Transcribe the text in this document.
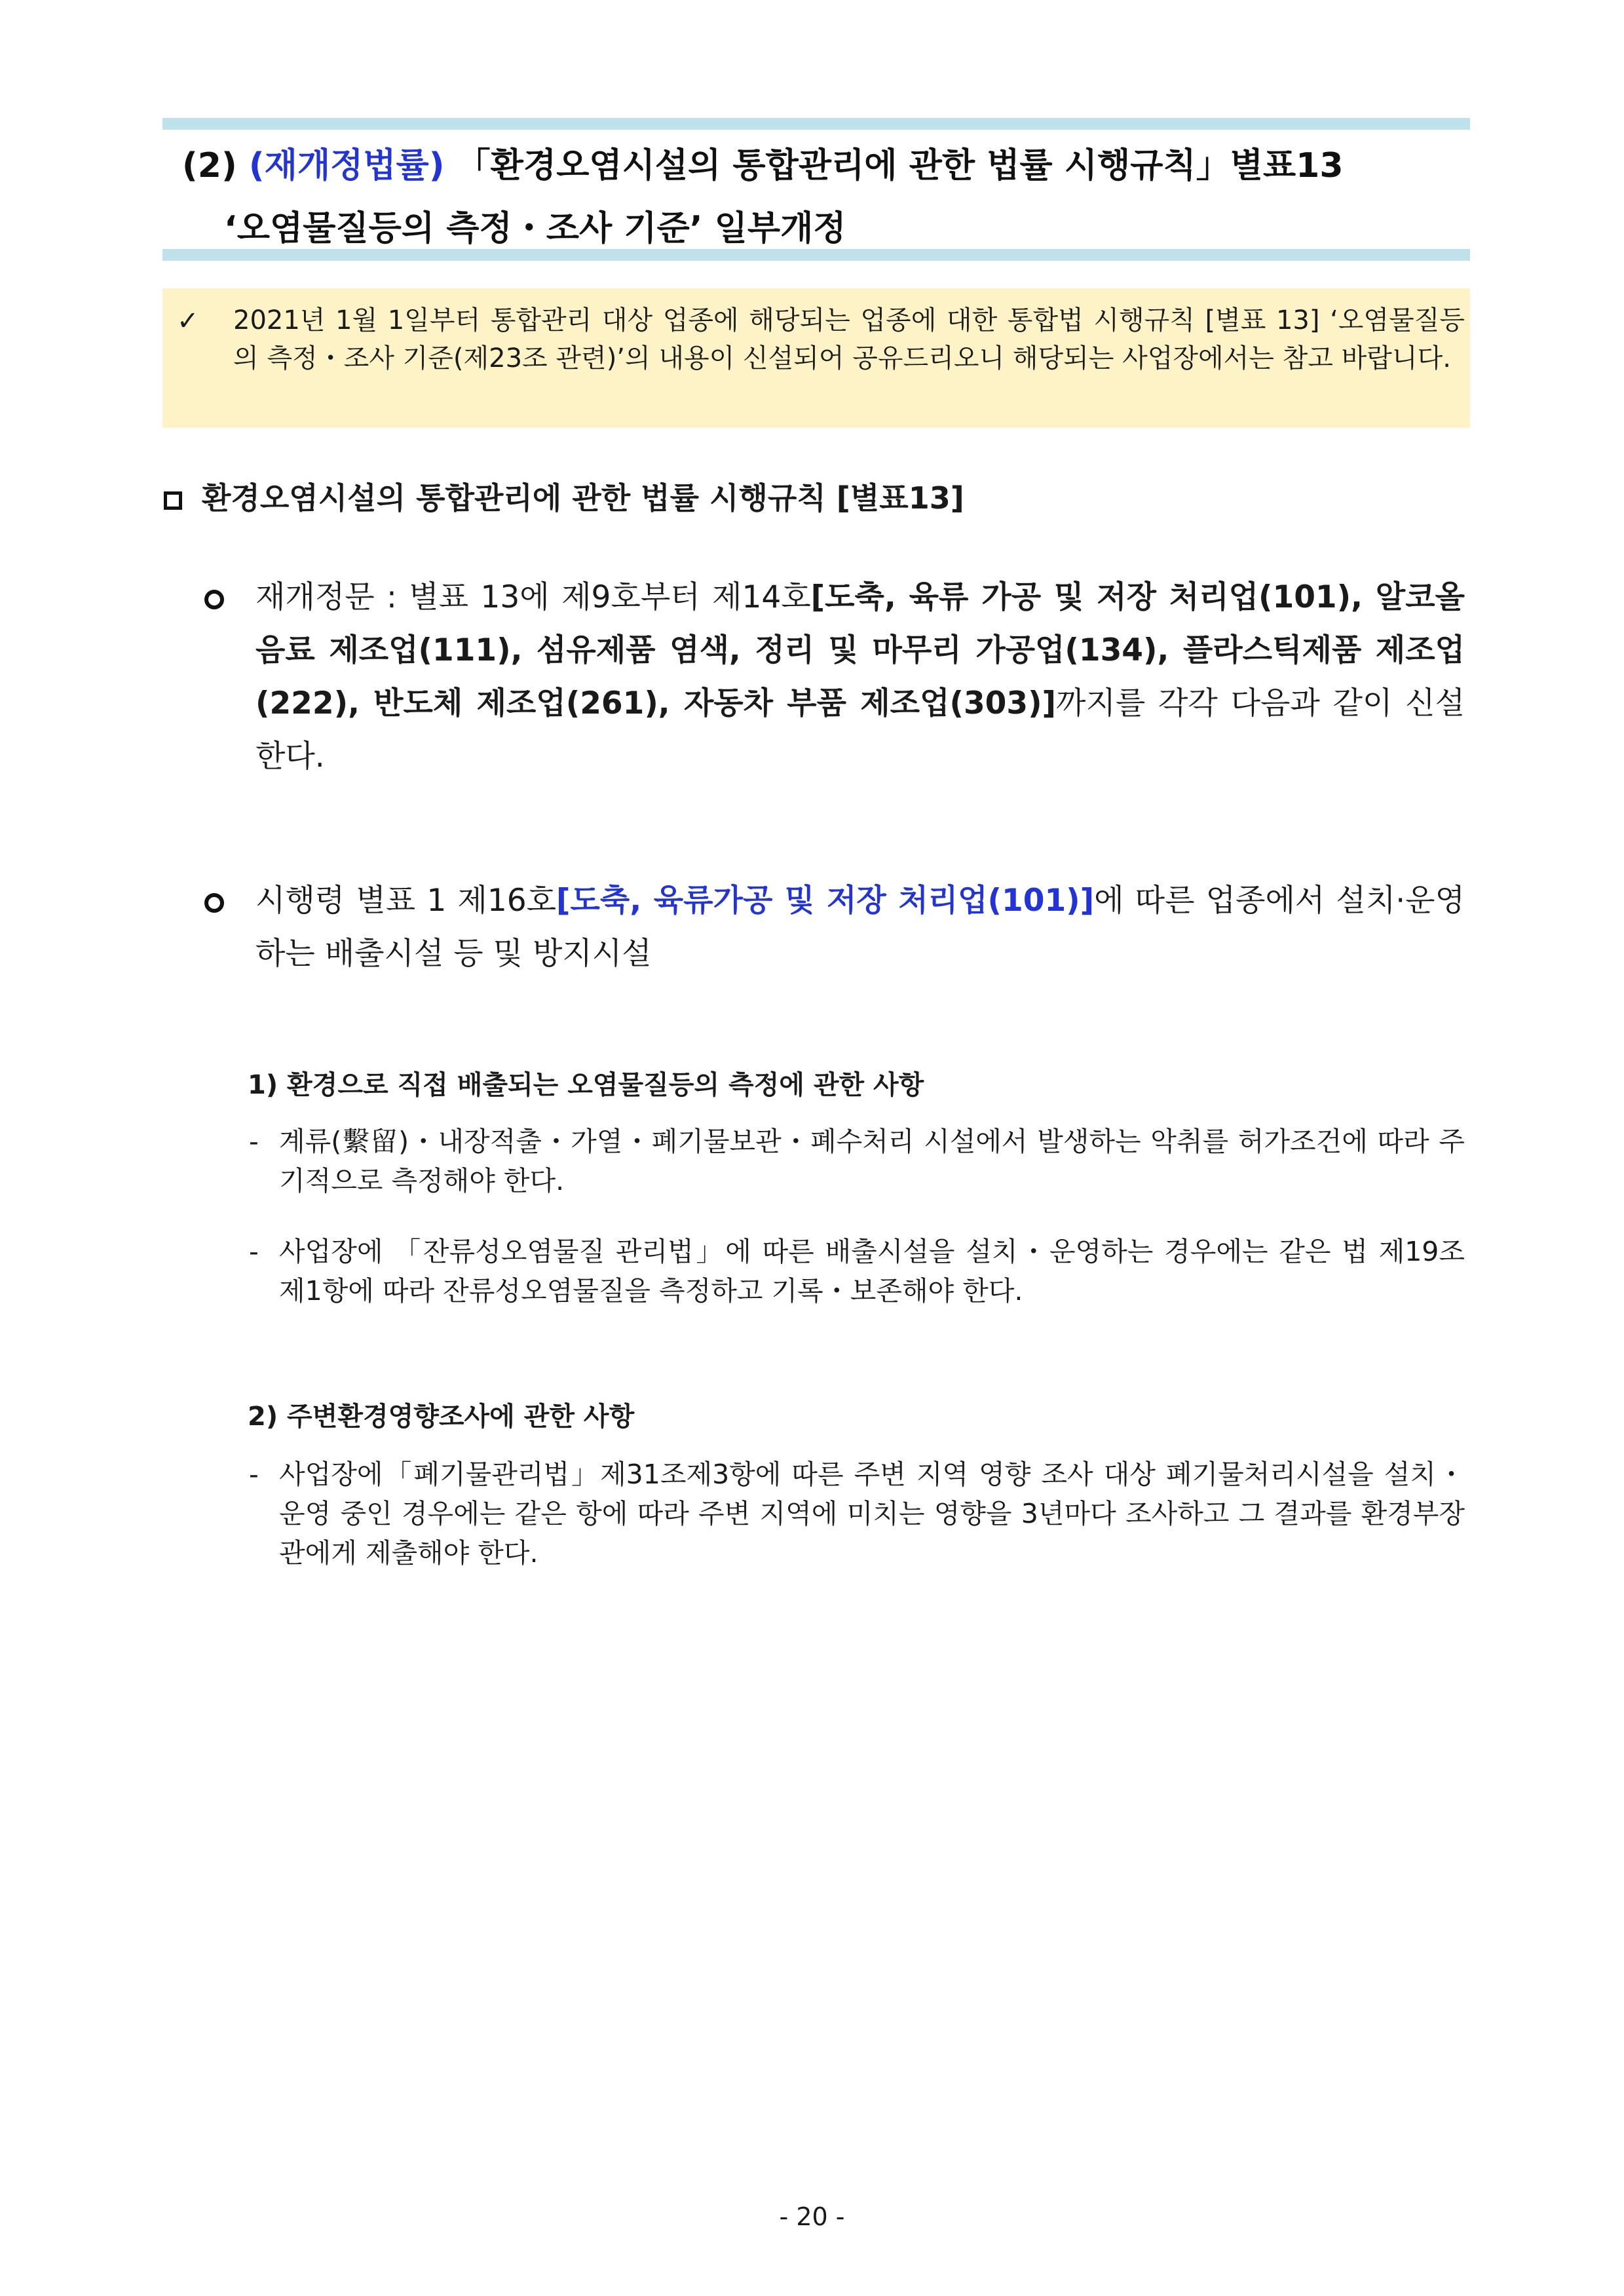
(2) (재개정법률) 「환경오염시설의 통합관리에 관한 법률 시행규칙」별표13
‘오염물질등의 측정・조사 기준’ 일부개정
✓ 2021년 1월 1일부터 통합관리 대상 업종에 해당되는 업종에 대한 통합법 시행규칙 [별표 13] ‘오염물질등의 측정・조사 기준(제23조 관련)’의 내용이 신설되어 공유드리오니 해당되는 사업장에서는 참고 바랍니다.
환경오염시설의 통합관리에 관한 법률 시행규칙 [별표13]
재개정문 : 별표 13에 제9호부터 제14호[도축, 육류 가공 및 저장 처리업(101), 알코올음료 제조업(111), 섬유제품 염색, 정리 및 마무리 가공업(134), 플라스틱제품 제조업(222), 반도체 제조업(261), 자동차 부품 제조업(303)]까지를 각각 다음과 같이 신설한다.
시행령 별표 1 제16호[도축, 육류가공 및 저장 처리업(101)]에 따른 업종에서 설치·운영하는 배출시설 등 및 방지시설
1) 환경으로 직접 배출되는 오염물질등의 측정에 관한 사항
- 계류(繫留)・내장적출・가열・폐기물보관・폐수처리 시설에서 발생하는 악취를 허가조건에 따라 주기적으로 측정해야 한다.
- 사업장에 「잔류성오염물질 관리법」에 따른 배출시설을 설치・운영하는 경우에는 같은 법 제19조 제1항에 따라 잔류성오염물질을 측정하고 기록・보존해야 한다.
2) 주변환경영향조사에 관한 사항
- 사업장에「폐기물관리법」제31조제3항에 따른 주변 지역 영향 조사 대상 폐기물처리시설을 설치・운영 중인 경우에는 같은 항에 따라 주변 지역에 미치는 영향을 3년마다 조사하고 그 결과를 환경부장관에게 제출해야 한다.
- 20 -
